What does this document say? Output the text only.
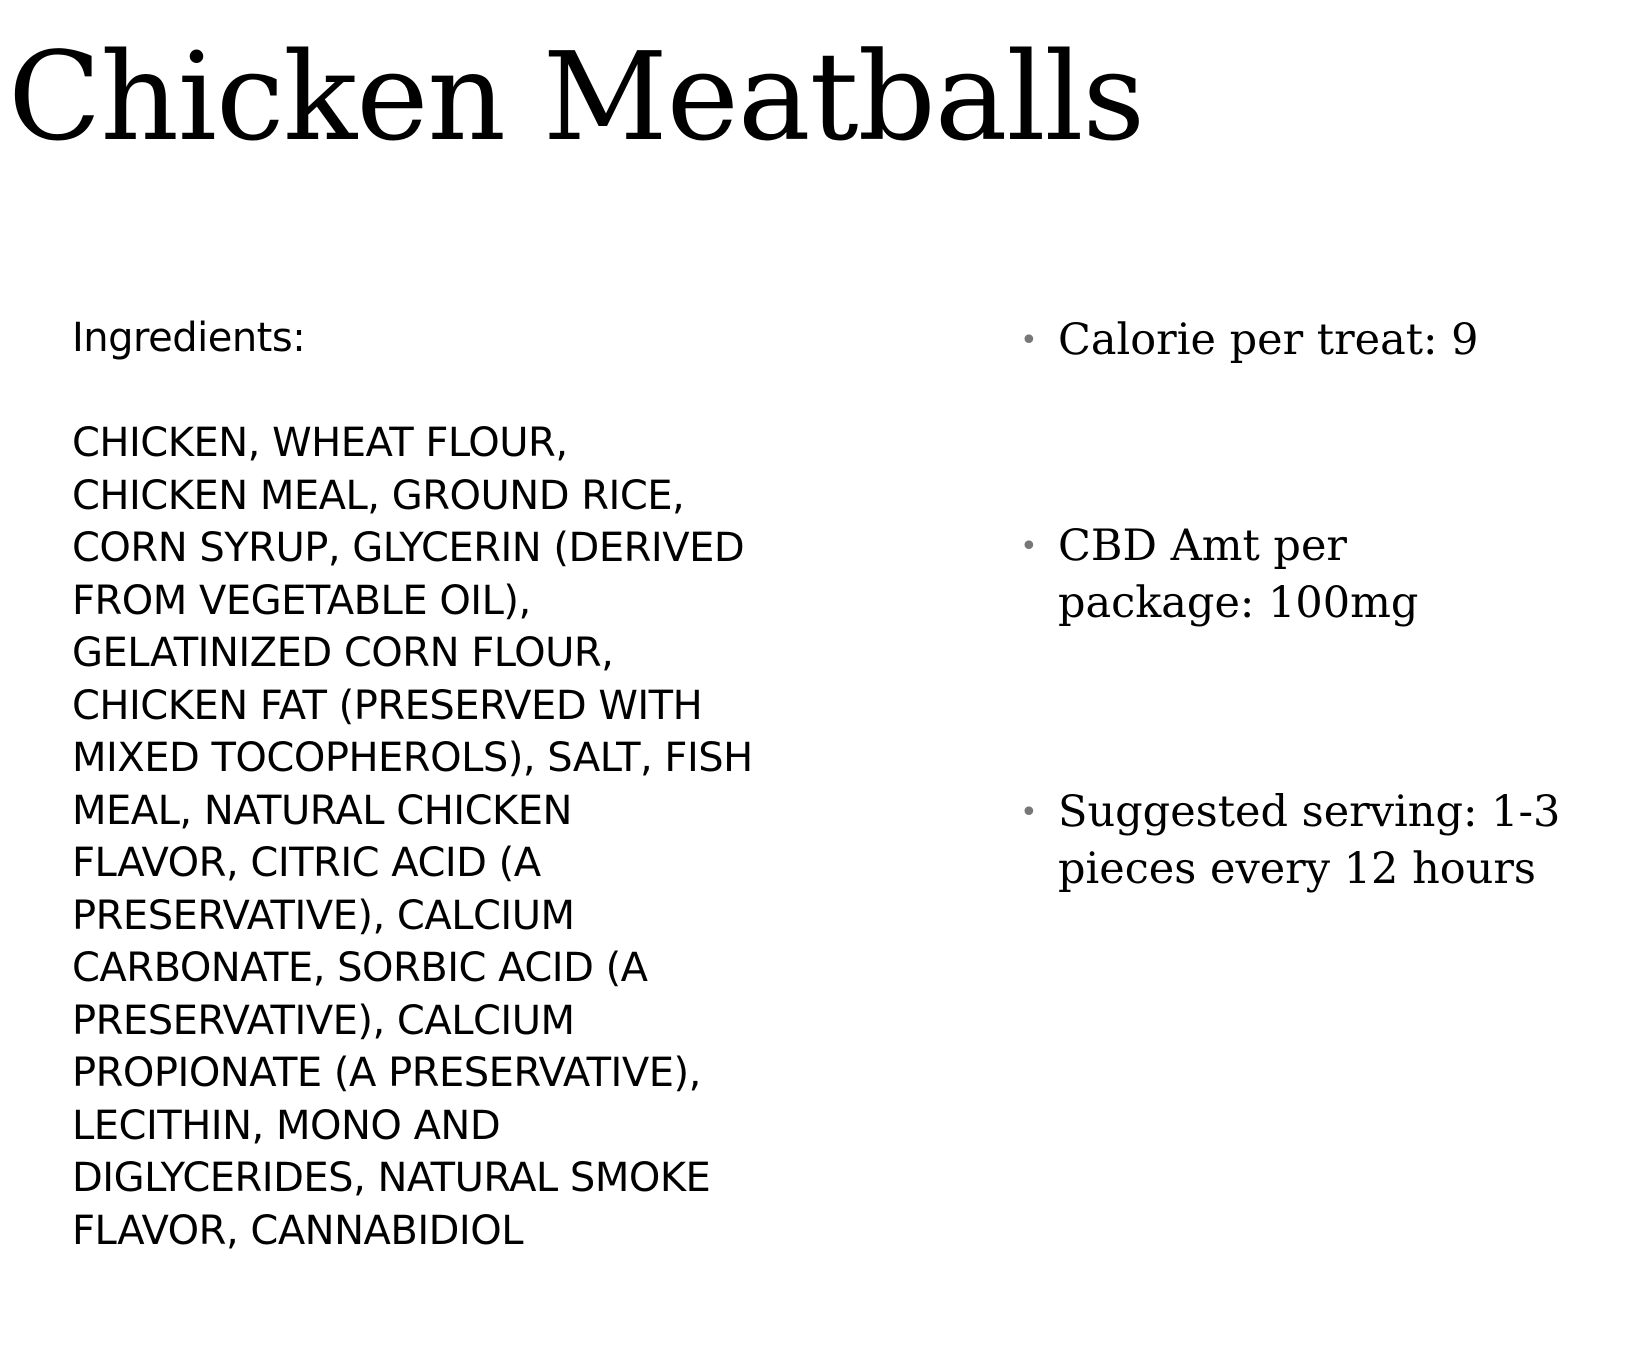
Chicken Meatballs
Ingredients:
CHICKEN, WHEAT FLOUR,
CHICKEN MEAL, GROUND RICE,
CORN SYRUP, GLYCERIN (DERIVED
FROM VEGETABLE OIL),
GELATINIZED CORN FLOUR,
CHICKEN FAT (PRESERVED WITH
MIXED TOCOPHEROLS), SALT, FISH
MEAL, NATURAL CHICKEN
FLAVOR, CITRIC ACID (A
PRESERVATIVE), CALCIUM
CARBONATE, SORBIC ACID (A
PRESERVATIVE), CALCIUM
PROPIONATE (A PRESERVATIVE),
LECITHIN, MONO AND
DIGLYCERIDES, NATURAL SMOKE
FLAVOR, CANNABIDIOL
• Calorie per treat: 9
• CBD Amt per
package: 100mg
• Suggested serving: 1-3
pieces every 12 hours
